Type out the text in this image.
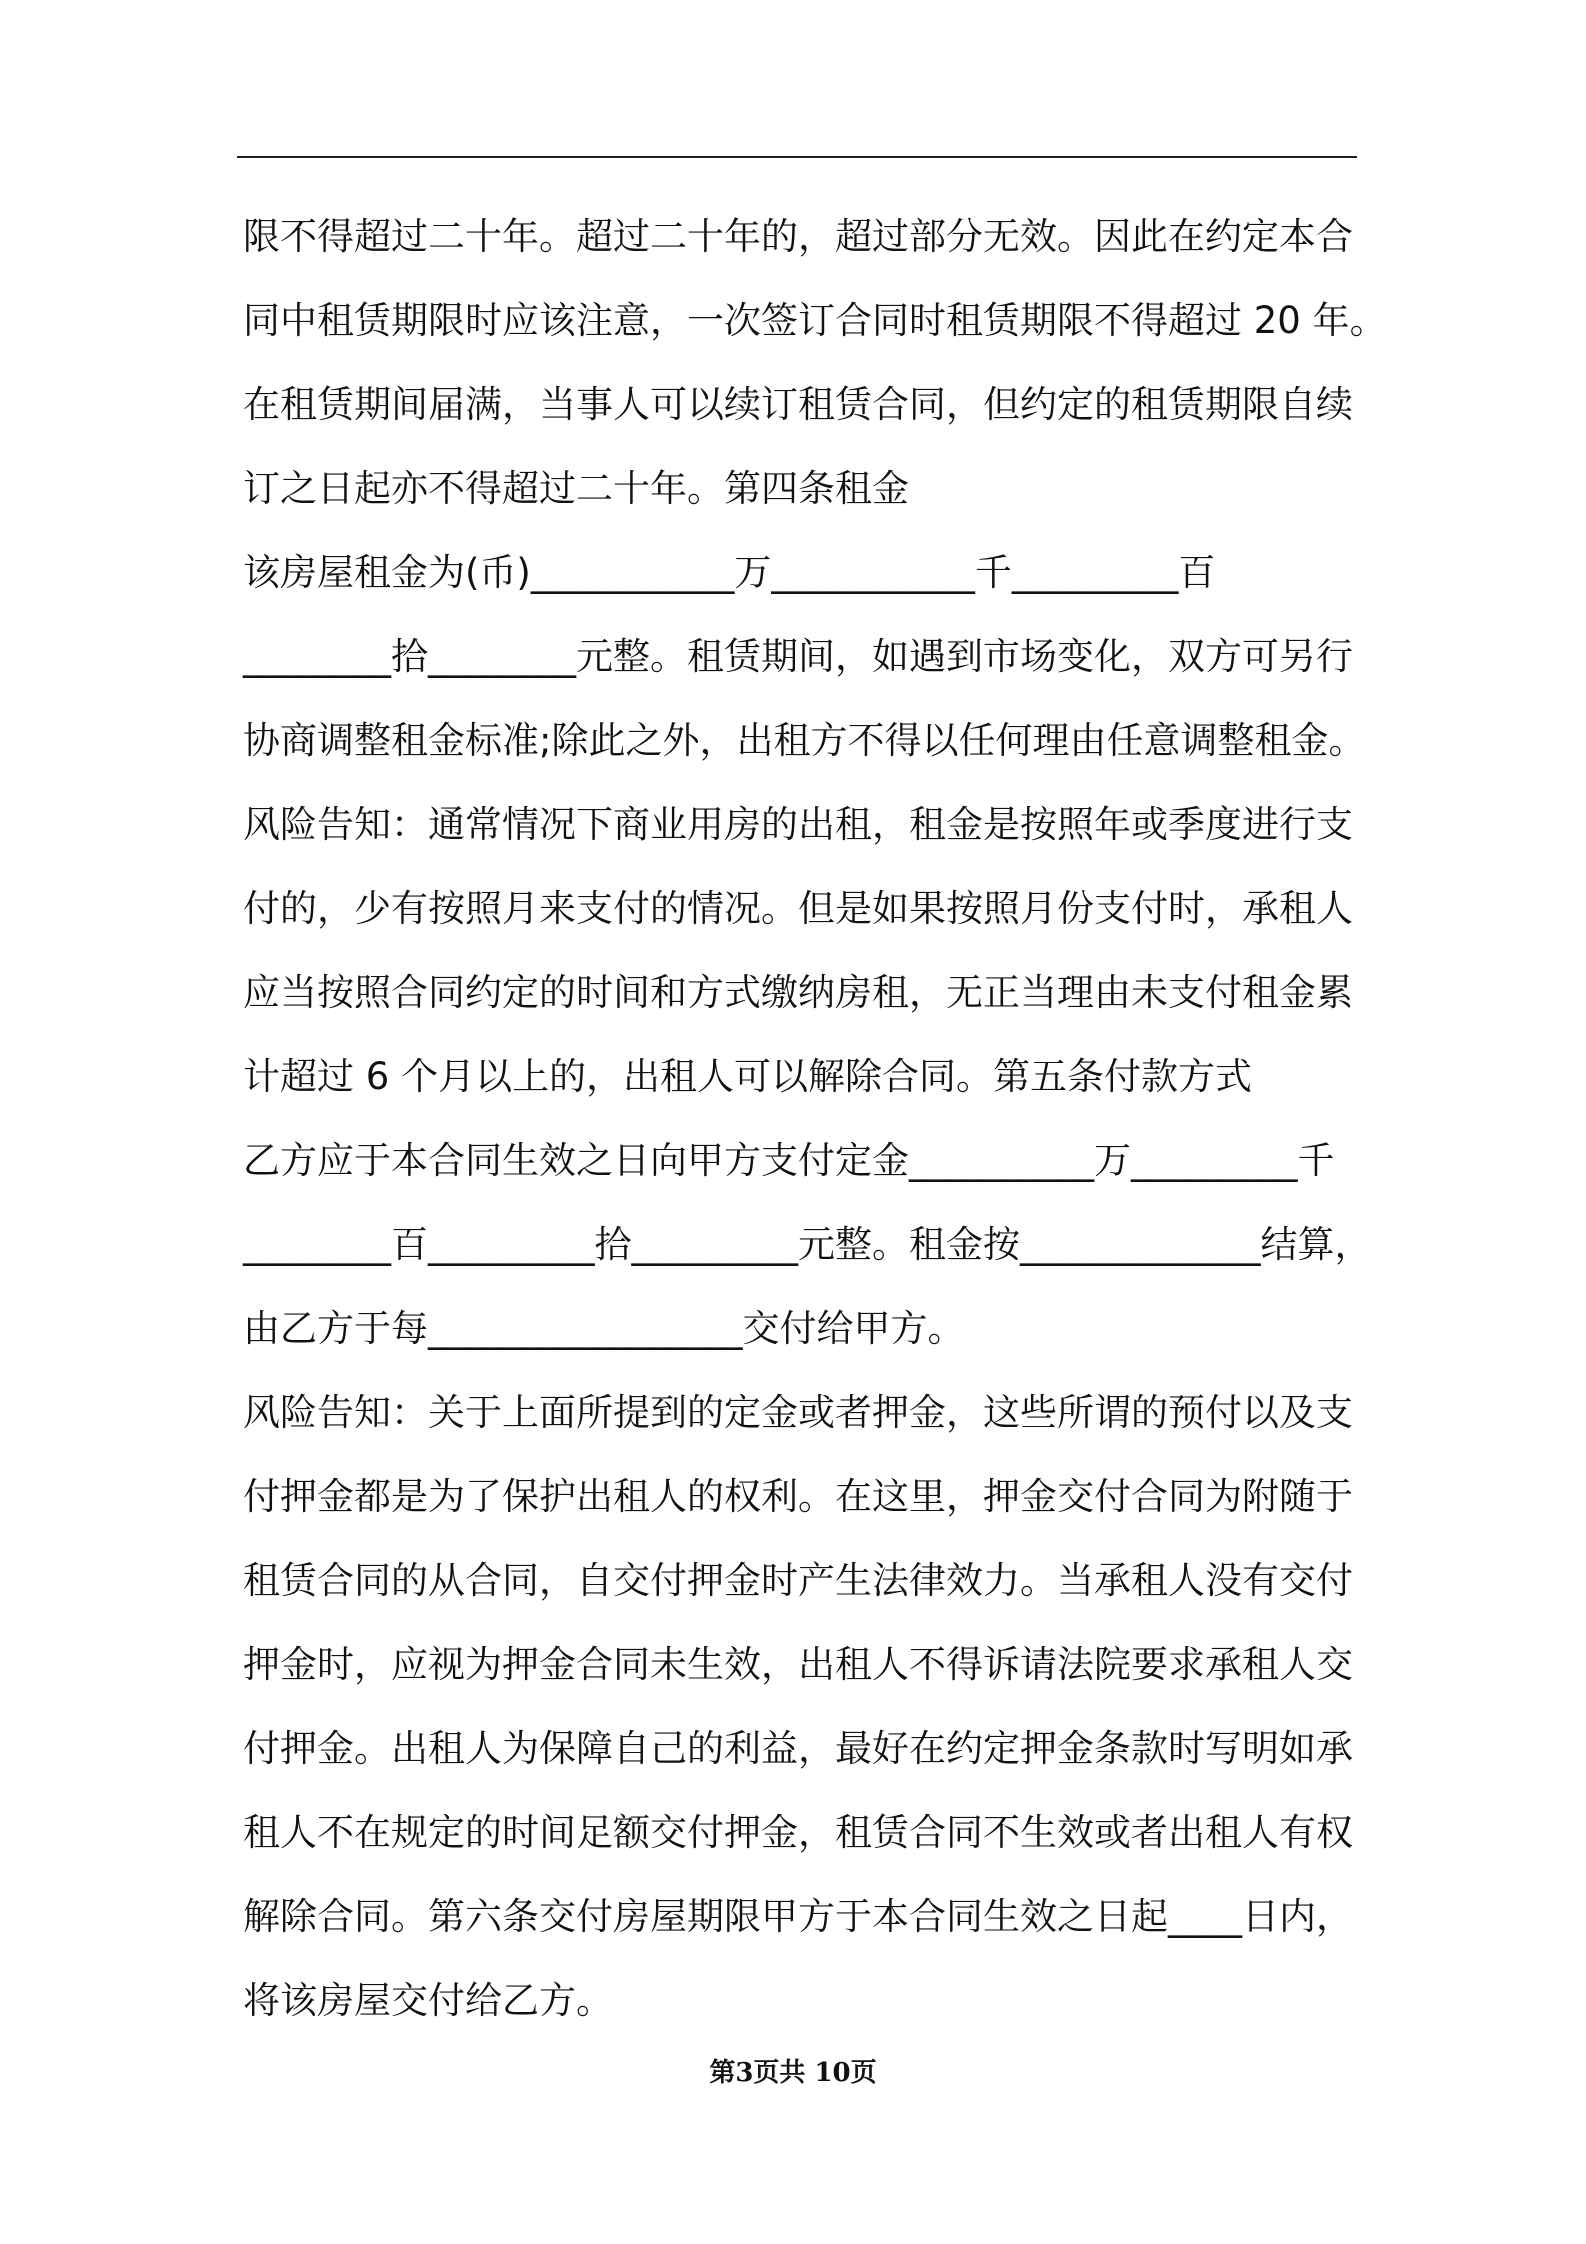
限不得超过二十年。超过二十年的，超过部分无效。因此在约定本合
同中租赁期限时应该注意，一次签订合同时租赁期限不得超过 20 年。
在租赁期间届满，当事人可以续订租赁合同，但约定的租赁期限自续
订之日起亦不得超过二十年。第四条租金
该房屋租金为(币)___________万___________千_________百
________拾________元整。租赁期间，如遇到市场变化，双方可另行
协商调整租金标准;除此之外，出租方不得以任何理由任意调整租金。
风险告知：通常情况下商业用房的出租，租金是按照年或季度进行支
付的，少有按照月来支付的情况。但是如果按照月份支付时，承租人
应当按照合同约定的时间和方式缴纳房租，无正当理由未支付租金累
计超过 6 个月以上的，出租人可以解除合同。第五条付款方式
乙方应于本合同生效之日向甲方支付定金__________万_________千
________百_________拾_________元整。租金按_____________结算，
由乙方于每_________________交付给甲方。
风险告知：关于上面所提到的定金或者押金，这些所谓的预付以及支
付押金都是为了保护出租人的权利。在这里，押金交付合同为附随于
租赁合同的从合同，自交付押金时产生法律效力。当承租人没有交付
押金时，应视为押金合同未生效，出租人不得诉请法院要求承租人交
付押金。出租人为保障自己的利益，最好在约定押金条款时写明如承
租人不在规定的时间足额交付押金，租赁合同不生效或者出租人有权
解除合同。第六条交付房屋期限甲方于本合同生效之日起____日内，
将该房屋交付给乙方。
第3页共 10页
